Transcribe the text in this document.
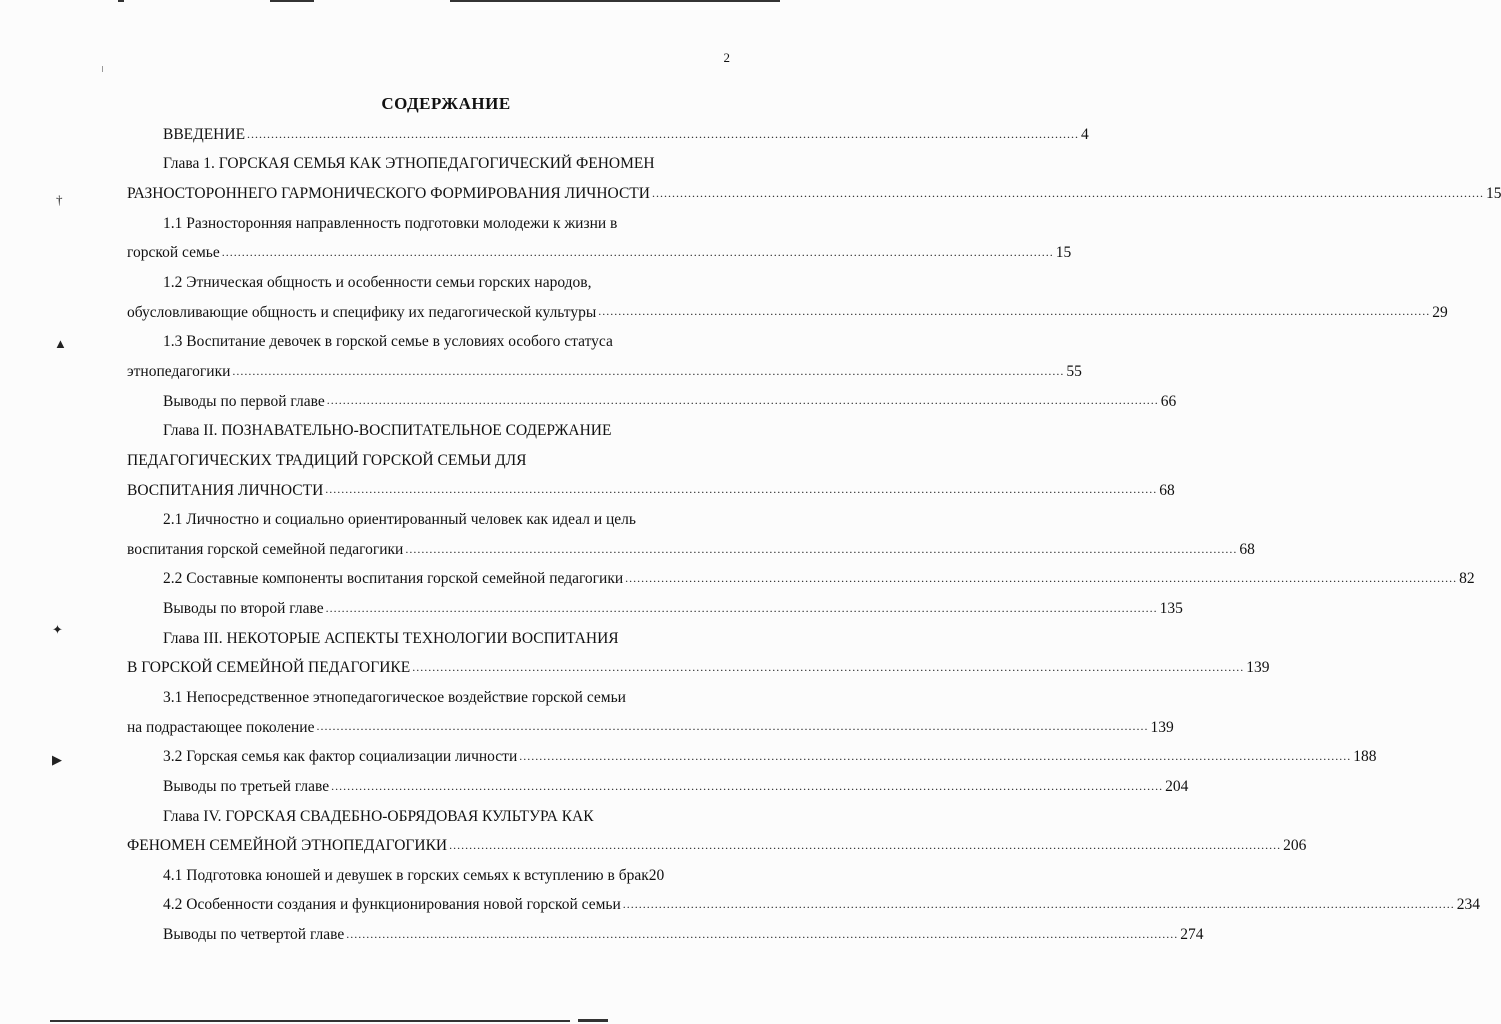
†
▲
✦
▶
2
СОДЕРЖАНИЕ
ВВЕДЕНИЕ ................................................................................................................................................................................................................ 4
Глава 1. ГОРСКАЯ СЕМЬЯ КАК ЭТНОПЕДАГОГИЧЕСКИЙ ФЕНОМЕН
РАЗНОСТОРОННЕГО ГАРМОНИЧЕСКОГО ФОРМИРОВАНИЯ ЛИЧНОСТИ ................................................................................................................................................................................................................ 15
1.1 Разносторонняя направленность подготовки молодежи к жизни в
горской семье ................................................................................................................................................................................................................ 15
1.2 Этническая общность и особенности семьи горских народов,
обусловливающие общность и специфику их педагогической культуры ................................................................................................................................................................................................................ 29
1.3 Воспитание девочек в горской семье в условиях особого статуса
этнопедагогики ................................................................................................................................................................................................................ 55
Выводы по первой главе ................................................................................................................................................................................................................ 66
Глава II. ПОЗНАВАТЕЛЬНО-ВОСПИТАТЕЛЬНОЕ СОДЕРЖАНИЕ
ПЕДАГОГИЧЕСКИХ ТРАДИЦИЙ ГОРСКОЙ СЕМЬИ ДЛЯ
ВОСПИТАНИЯ ЛИЧНОСТИ ................................................................................................................................................................................................................ 68
2.1 Личностно и социально ориентированный человек как идеал и цель
воспитания горской семейной педагогики ................................................................................................................................................................................................................ 68
2.2 Составные компоненты воспитания горской семейной педагогики ................................................................................................................................................................................................................ 82
Выводы по второй главе ................................................................................................................................................................................................................ 135
Глава III. НЕКОТОРЫЕ АСПЕКТЫ ТЕХНОЛОГИИ ВОСПИТАНИЯ
В ГОРСКОЙ СЕМЕЙНОЙ ПЕДАГОГИКЕ ................................................................................................................................................................................................................ 139
3.1 Непосредственное этнопедагогическое воздействие горской семьи
на подрастающее поколение ................................................................................................................................................................................................................ 139
3.2 Горская семья как фактор социализации личности ................................................................................................................................................................................................................ 188
Выводы по третьей главе ................................................................................................................................................................................................................ 204
Глава IV. ГОРСКАЯ СВАДЕБНО-ОБРЯДОВАЯ КУЛЬТУРА КАК
ФЕНОМЕН СЕМЕЙНОЙ ЭТНОПЕДАГОГИКИ ................................................................................................................................................................................................................ 206
4.1 Подготовка юношей и девушек в горских семьях к вступлению в брак20
4.2 Особенности создания и функционирования новой горской семьи ................................................................................................................................................................................................................ 234
Выводы по четвертой главе ................................................................................................................................................................................................................ 274
